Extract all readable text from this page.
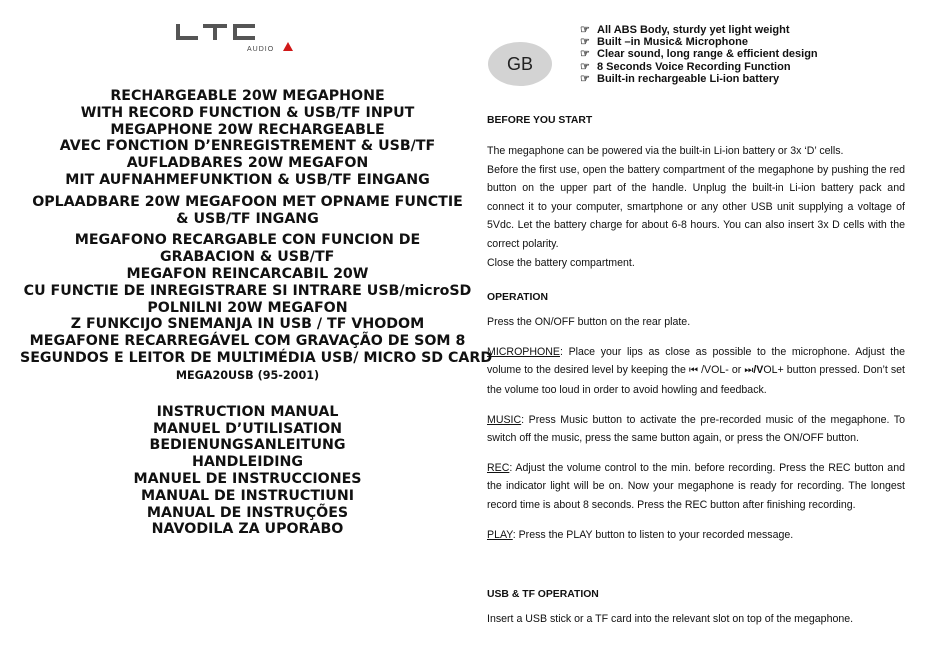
AUDIO
RECHARGEABLE 20W MEGAPHONE
WITH RECORD FUNCTION & USB/TF INPUT
MEGAPHONE 20W RECHARGEABLE
AVEC FONCTION D’ENREGISTREMENT & USB/TF
AUFLADBARES 20W MEGAFON
MIT AUFNAHMEFUNKTION & USB/TF EINGANG
OPLAADBARE 20W MEGAFOON MET OPNAME FUNCTIE
& USB/TF INGANG
MEGAFONO RECARGABLE CON FUNCION DE
GRABACION & USB/TF
MEGAFON REINCARCABIL 20W
CU FUNCTIE DE INREGISTRARE SI INTRARE USB/microSD
POLNILNI 20W MEGAFON
Z FUNKCIJO SNEMANJA IN USB / TF VHODOM
MEGAFONE RECARREGÁVEL COM GRAVAÇÃO DE SOM 8
SEGUNDOS E LEITOR DE MULTIMÉDIA USB/ MICRO SD CARD
MEGA20USB (95-2001)
INSTRUCTION MANUAL
MANUEL D’UTILISATION
BEDIENUNGSANLEITUNG
HANDLEIDING
MANUEL DE INSTRUCCIONES
MANUAL DE INSTRUCTIUNI
MANUAL DE INSTRUÇÕES
NAVODILA ZA UPORABO
GB
☞ All ABS Body, sturdy yet light weight
☞ Built –in Music& Microphone
☞ Clear sound, long range & efficient design
☞ 8 Seconds Voice Recording Function
☞ Built-in rechargeable Li-ion battery
BEFORE YOU START
The megaphone can be powered via the built-in Li-ion battery or 3x ‘D’ cells.
Before the first use, open the battery compartment of the megaphone by pushing the red button on the upper part of the handle. Unplug the built-in Li-ion battery pack and connect it to your computer, smartphone or any other USB unit supplying a voltage of 5Vdc. Let the battery charge for about 6-8 hours. You can also insert 3x D cells with the correct polarity.
Close the battery compartment.
OPERATION
Press the ON/OFF button on the rear plate.
MICROPHONE: Place your lips as close as possible to the microphone. Adjust the volume to the desired level by keeping the ⏮ /VOL- or ⏭/VOL+ button pressed. Don’t set the volume too loud in order to avoid howling and feedback.
MUSIC: Press Music button to activate the pre-recorded music of the megaphone. To switch off the music, press the same button again, or press the ON/OFF button.
REC: Adjust the volume control to the min. before recording. Press the REC button and the indicator light will be on. Now your megaphone is ready for recording. The longest record time is about 8 seconds. Press the REC button after finishing recording.
PLAY: Press the PLAY button to listen to your recorded message.
USB & TF OPERATION
Insert a USB stick or a TF card into the relevant slot on top of the megaphone.
